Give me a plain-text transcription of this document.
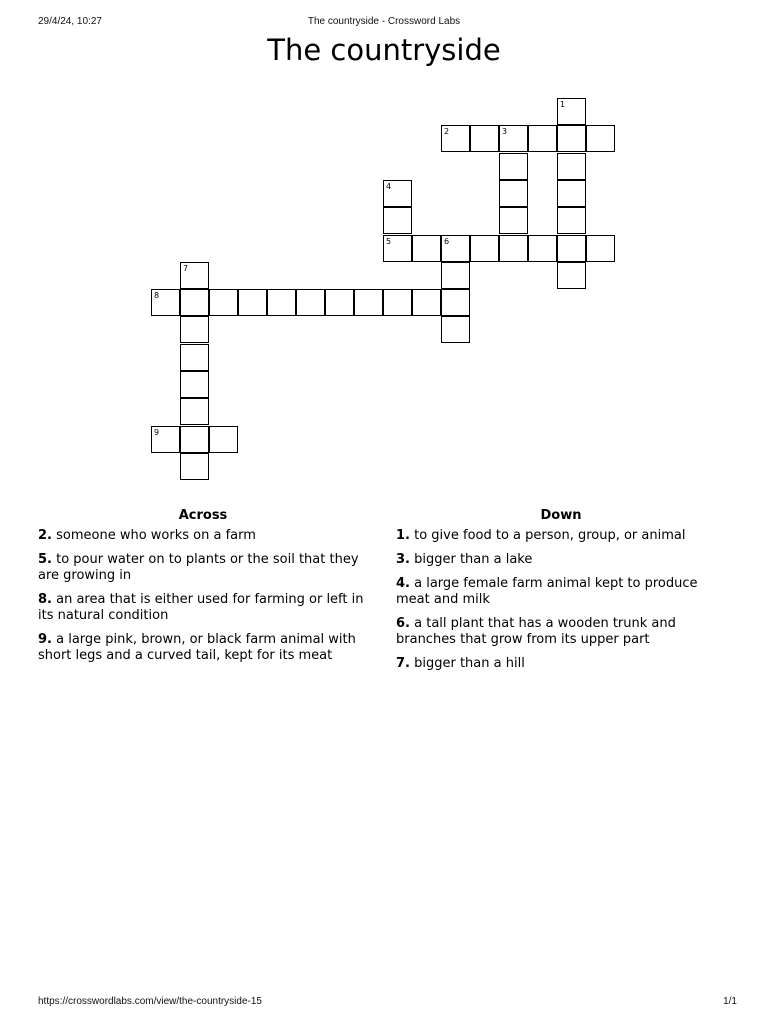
29/4/24, 10:27	The countryside - Crossword Labs
The countryside
1
2	3
4
5	6
7
8
9
Across

2. someone who works on a farm

5. to pour water on to plants or the soil that they are growing in

8. an area that is either used for farming or left in its natural condition

9. a large pink, brown, or black farm animal with short legs and a curved tail, kept for its meat

Down

1. to give food to a person, group, or animal

3. bigger than a lake

4. a large female farm animal kept to produce meat and milk

6. a tall plant that has a wooden trunk and branches that grow from its upper part

7. bigger than a hill

https://crosswordlabs.com/view/the-countryside-15	1/1
